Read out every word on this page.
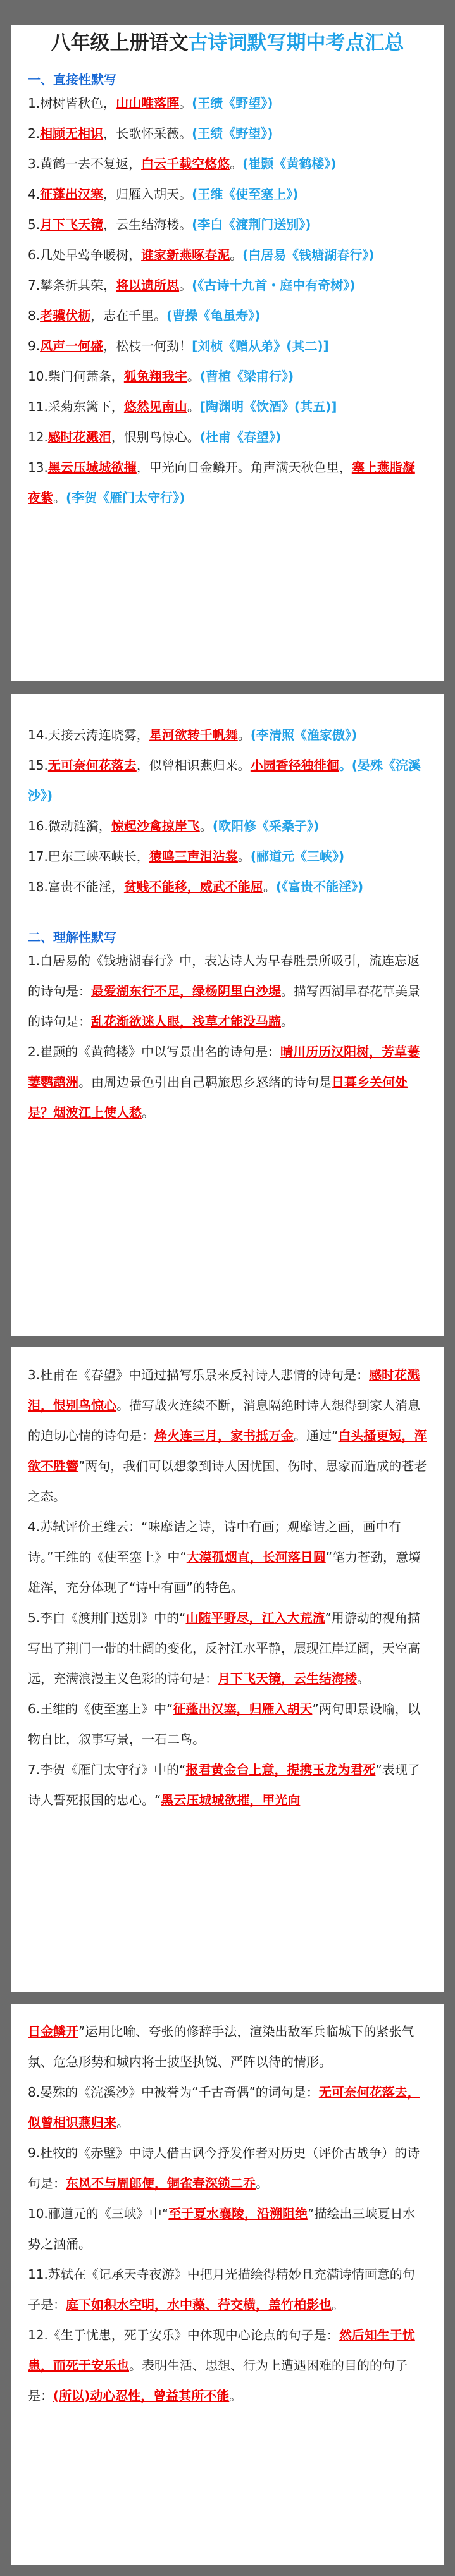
八年级上册语文古诗词默写期中考点汇总
一、直接性默写
1.树树皆秋色，山山唯落晖。(王绩《野望》)
2.相顾无相识，长歌怀采薇。(王绩《野望》)
3.黄鹤一去不复返，白云千载空悠悠。(崔颢《黄鹤楼》)
4.征蓬出汉塞，归雁入胡天。(王维《使至塞上》)
5.月下飞天镜，云生结海楼。(李白《渡荆门送别》)
6.几处早莺争暖树，谁家新燕啄春泥。(白居易《钱塘湖春行》)
7.攀条折其荣，将以遗所思。(《古诗十九首・庭中有奇树》)
8.老骥伏枥，志在千里。(曹操《龟虽寿》)
9.风声一何盛，松枝一何劲！[刘桢《赠从弟》(其二)]
10.柴门何萧条，狐兔翔我宇。(曹植《梁甫行》)
11.采菊东篱下，悠然见南山。[陶渊明《饮酒》(其五)]
12.感时花溅泪，恨别鸟惊心。(杜甫《春望》)
13.黑云压城城欲摧，甲光向日金鳞开。角声满天秋色里，塞上燕脂凝夜紫。(李贺《雁门太守行》)
14.天接云涛连晓雾，星河欲转千帆舞。(李清照《渔家傲》)
15.无可奈何花落去，似曾相识燕归来。小园香径独徘徊。(晏殊《浣溪沙》)
16.微动涟漪，惊起沙禽掠岸飞。(欧阳修《采桑子》)
17.巴东三峡巫峡长，猿鸣三声泪沾裳。(郦道元《三峡》)
18.富贵不能淫，贫贱不能移，威武不能屈。(《富贵不能淫》)
二、理解性默写
1.白居易的《钱塘湖春行》中，表达诗人为早春胜景所吸引，流连忘返的诗句是：最爱湖东行不足，绿杨阴里白沙堤。描写西湖早春花草美景的诗句是：乱花渐欲迷人眼，浅草才能没马蹄。
2.崔颢的《黄鹤楼》中以写景出名的诗句是：晴川历历汉阳树，芳草萋萋鹦鹉洲。由周边景色引出自己羁旅思乡怒绪的诗句是日暮乡关何处是？烟波江上使人愁。
3.杜甫在《春望》中通过描写乐景来反衬诗人悲情的诗句是：感时花溅泪，恨别鸟惊心。描写战火连续不断，消息隔绝时诗人想得到家人消息的迫切心情的诗句是：烽火连三月，家书抵万金。通过“白头搔更短，浑欲不胜簪”两句，我们可以想象到诗人因忧国、伤时、思家而造成的苍老之态。
4.苏轼评价王维云：“味摩诘之诗，诗中有画；观摩诘之画，画中有诗。”王维的《使至塞上》中“大漠孤烟直，长河落日圆”笔力苍劲，意境雄浑，充分体现了“诗中有画”的特色。
5.李白《渡荆门送别》中的“山随平野尽，江入大荒流”用游动的视角描写出了荆门一带的壮阔的变化，反衬江水平静，展现江岸辽阔，天空高远，充满浪漫主义色彩的诗句是：月下飞天镜，云生结海楼。
6.王维的《使至塞上》中“征蓬出汉塞，归雁入胡天”两句即景设喻，以物自比，叙事写景，一石二鸟。
7.李贺《雁门太守行》中的“报君黄金台上意，提携玉龙为君死”表现了诗人誓死报国的忠心。“黑云压城城欲摧，甲光向
日金鳞开”运用比喻、夸张的修辞手法，渲染出敌军兵临城下的紧张气氛、危急形势和城内将士披坚执锐、严阵以待的情形。
8.晏殊的《浣溪沙》中被誉为“千古奇偶”的词句是：无可奈何花落去，似曾相识燕归来。
9.杜牧的《赤壁》中诗人借古讽今抒发作者对历史（评价古战争）的诗句是：东风不与周郎便，铜雀春深锁二乔。
10.郦道元的《三峡》中“至于夏水襄陵，沿溯阻绝”描绘出三峡夏日水势之汹涌。
11.苏轼在《记承天寺夜游》中把月光描绘得精妙且充满诗情画意的句子是：庭下如积水空明，水中藻、荇交横，盖竹柏影也。
12.《生于忧患，死于安乐》中体现中心论点的句子是：然后知生于忧患，而死于安乐也。表明生活、思想、行为上遭遇困难的目的的句子是：(所以)动心忍性，曾益其所不能。
